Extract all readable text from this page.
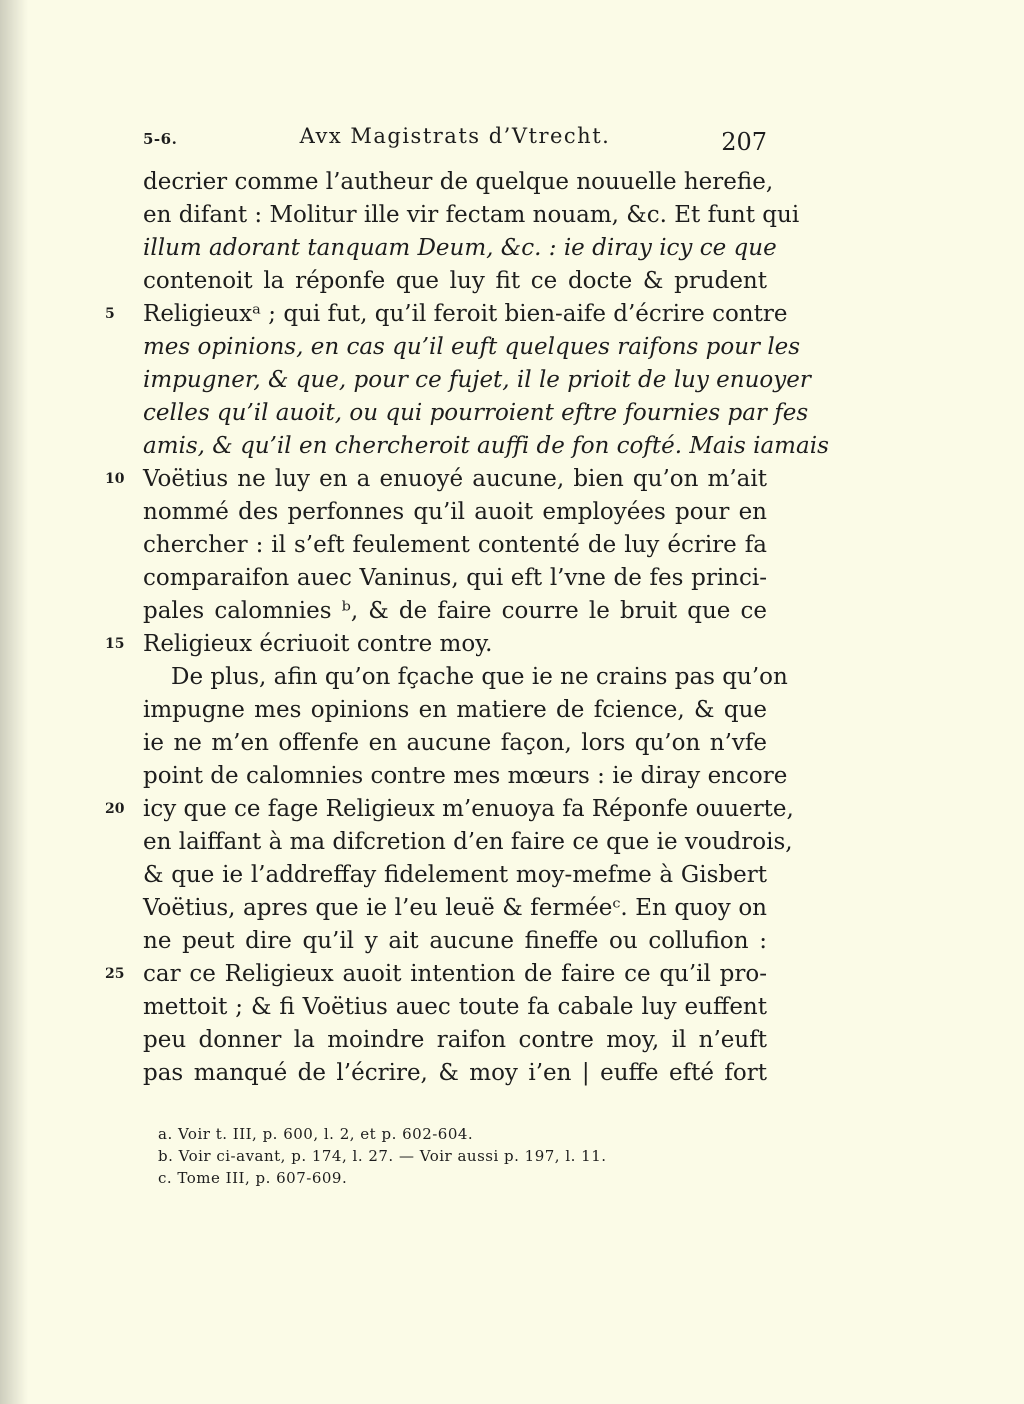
5-6.	Avx Magistrats d’Vtrecht.	207
decrier comme l’autheur de quelque nouuelle herefie,
en difant : Molitur ille vir fectam nouam, &c. Et funt qui
illum adorant tanquam Deum, &c. : ie diray icy ce que
contenoit la réponfe que luy fit ce docte & prudent
5	Religieuxᵃ ; qui fut, qu’il feroit bien-aife d’écrire contre
mes opinions, en cas qu’il euft quelques raifons pour les
impugner, & que, pour ce fujet, il le prioit de luy enuoyer
celles qu’il auoit, ou qui pourroient eftre fournies par fes
amis, & qu’il en chercheroit auffi de fon cofté. Mais iamais
10 Voëtius ne luy en a enuoyé aucune, bien qu’on m’ait
nommé des perfonnes qu’il auoit employées pour en
chercher : il s’eft feulement contenté de luy écrire fa
comparaifon auec Vaninus, qui eft l’vne de fes princi-
pales calomnies ᵇ, & de faire courre le bruit que ce
15 Religieux écriuoit contre moy.
De plus, afin qu’on fçache que ie ne crains pas qu’on
impugne mes opinions en matiere de fcience, & que
ie ne m’en offenfe en aucune façon, lors qu’on n’vfe
point de calomnies contre mes mœurs : ie diray encore
20 icy que ce fage Religieux m’enuoya fa Réponfe ouuerte,
en laiffant à ma difcretion d’en faire ce que ie voudrois,
& que ie l’addreffay fidelement moy-mefme à Gisbert
Voëtius, apres que ie l’eu leuë & ferméeᶜ. En quoy on
ne peut dire qu’il y ait aucune fineffe ou collufion :
25 car ce Religieux auoit intention de faire ce qu’il pro-
mettoit ; & fi Voëtius auec toute fa cabale luy euffent
peu donner la moindre raifon contre moy, il n’euft
pas manqué de l’écrire, & moy i’en | euffe efté fort
a. Voir t. III, p. 600, l. 2, et p. 602-604.
b. Voir ci-avant, p. 174, l. 27. — Voir aussi p. 197, l. 11.
c. Tome III, p. 607-609.
